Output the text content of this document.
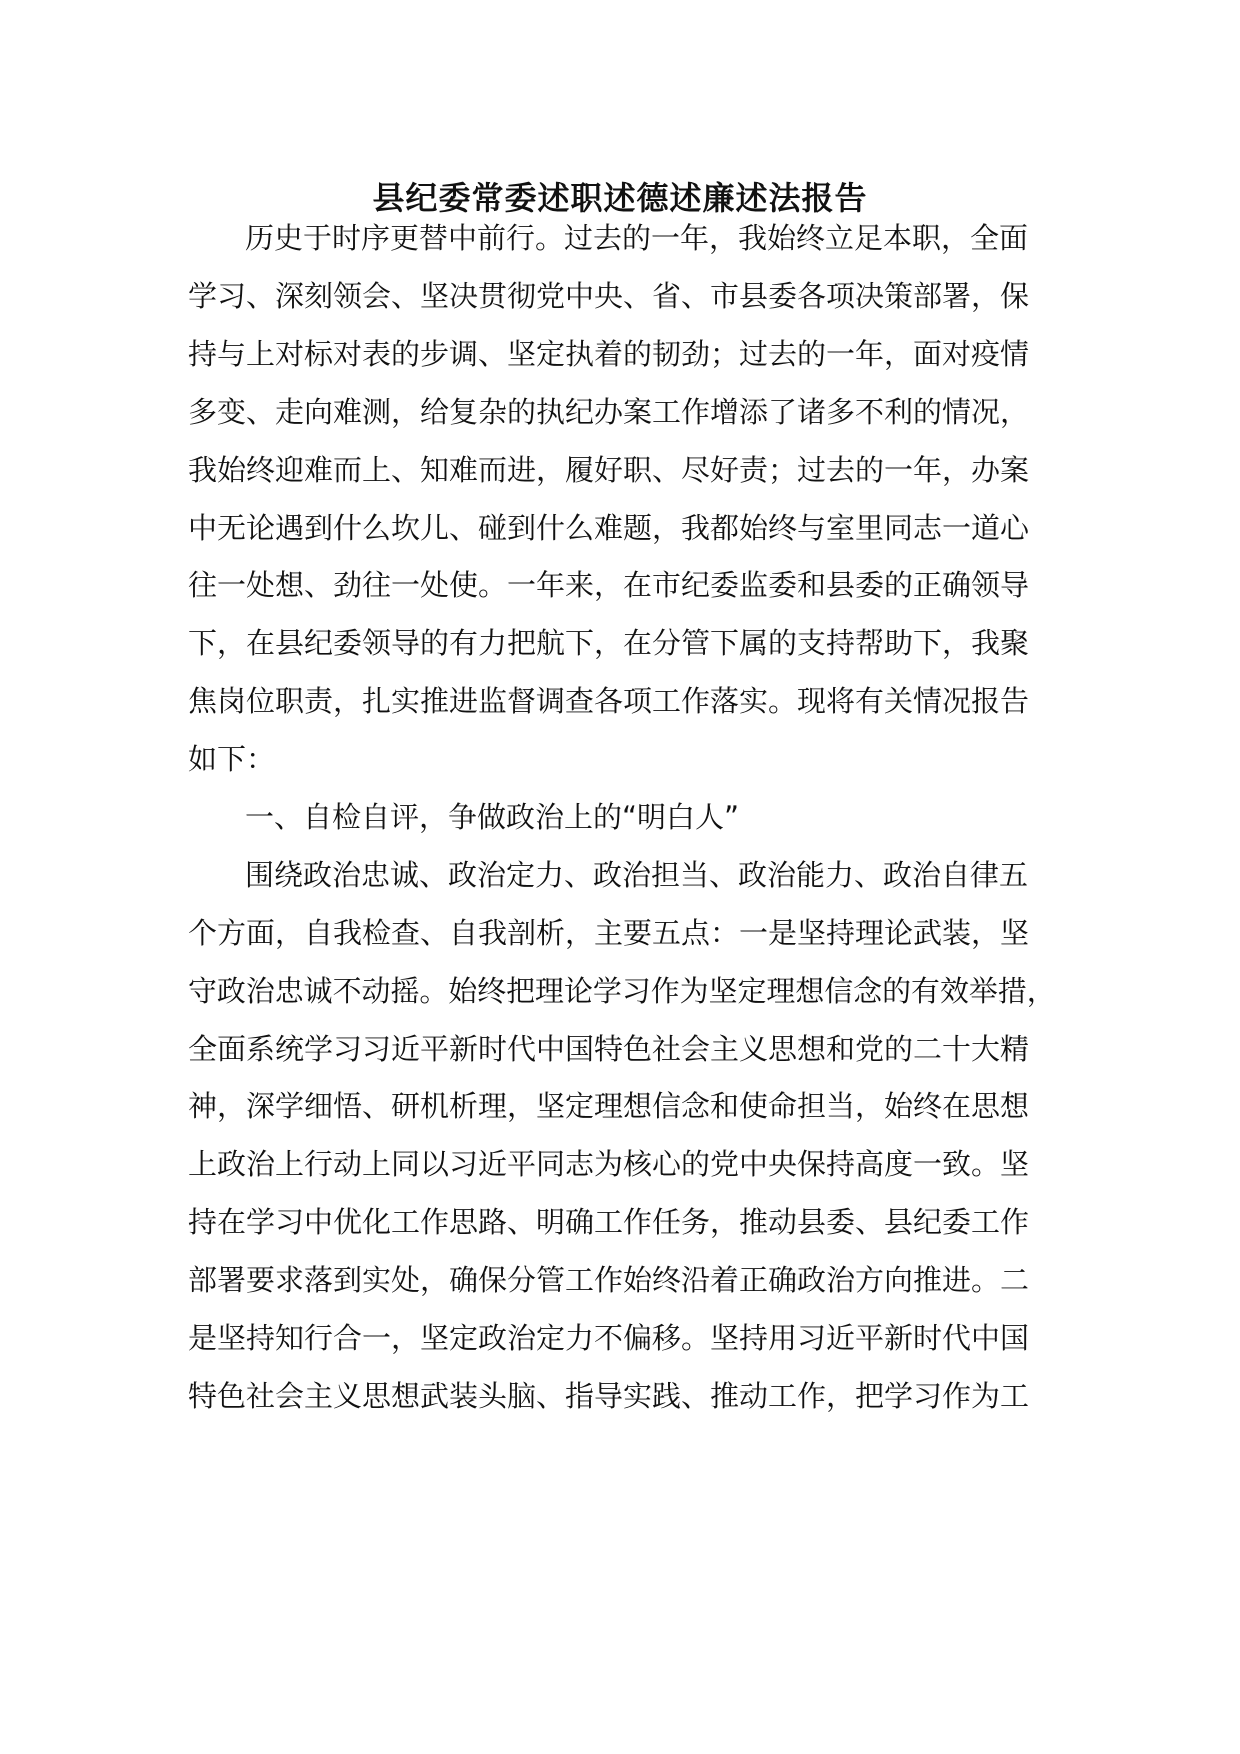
县纪委常委述职述德述廉述法报告
历史于时序更替中前行。过去的一年，我始终立足本职，全面
学习、深刻领会、坚决贯彻党中央、省、市县委各项决策部署，保
持与上对标对表的步调、坚定执着的韧劲；过去的一年，面对疫情
多变、走向难测，给复杂的执纪办案工作增添了诸多不利的情况，
我始终迎难而上、知难而进，履好职、尽好责；过去的一年，办案
中无论遇到什么坎儿、碰到什么难题，我都始终与室里同志一道心
往一处想、劲往一处使。一年来，在市纪委监委和县委的正确领导
下，在县纪委领导的有力把航下，在分管下属的支持帮助下，我聚
焦岗位职责，扎实推进监督调查各项工作落实。现将有关情况报告
如下：
一、自检自评，争做政治上的“明白人”
围绕政治忠诚、政治定力、政治担当、政治能力、政治自律五
个方面，自我检查、自我剖析，主要五点：一是坚持理论武装，坚
守政治忠诚不动摇。始终把理论学习作为坚定理想信念的有效举措，
全面系统学习习近平新时代中国特色社会主义思想和党的二十大精
神，深学细悟、研机析理，坚定理想信念和使命担当，始终在思想
上政治上行动上同以习近平同志为核心的党中央保持高度一致。坚
持在学习中优化工作思路、明确工作任务，推动县委、县纪委工作
部署要求落到实处，确保分管工作始终沿着正确政治方向推进。二
是坚持知行合一，坚定政治定力不偏移。坚持用习近平新时代中国
特色社会主义思想武装头脑、指导实践、推动工作，把学习作为工
